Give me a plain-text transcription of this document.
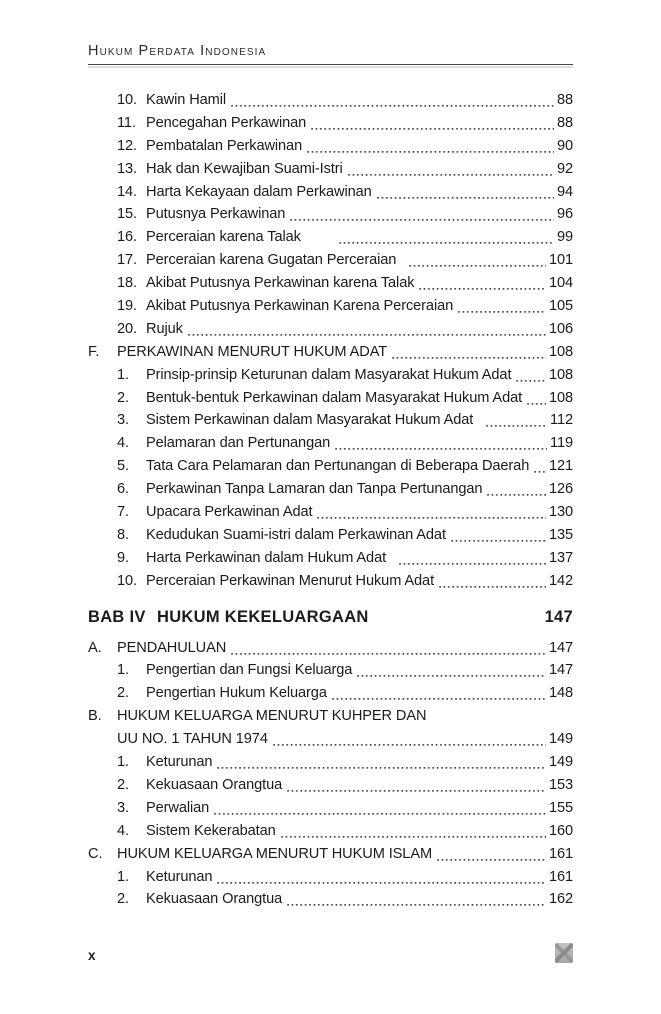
Hukum Perdata Indonesia
10. Kawin Hamil	88
11. Pencegahan Perkawinan	88
12. Pembatalan Perkawinan	90
13. Hak dan Kewajiban Suami-Istri	92
14. Harta Kekayaan dalam Perkawinan	94
15. Putusnya Perkawinan	96
16. Perceraian karena Talak	99
17. Perceraian karena Gugatan Perceraian	101
18. Akibat Putusnya Perkawinan karena Talak	104
19. Akibat Putusnya Perkawinan Karena Perceraian	105
20. Rujuk	106
F.	PERKAWINAN MENURUT HUKUM ADAT	108
1.	Prinsip-prinsip Keturunan dalam Masyarakat Hukum Adat	108
2.	Bentuk-bentuk Perkawinan dalam Masyarakat Hukum Adat 108
3.	Sistem Perkawinan dalam Masyarakat Hukum Adat	112
4.	Pelamaran dan Pertunangan	119
5.	Tata Cara Pelamaran dan Pertunangan di Beberapa Daerah 121
6.	Perkawinan Tanpa Lamaran dan Tanpa Pertunangan	126
7.	Upacara Perkawinan Adat	130
8.	Kedudukan Suami-istri dalam Perkawinan Adat	135
9.	Harta Perkawinan dalam Hukum Adat	137
10. Perceraian Perkawinan Menurut Hukum Adat	142
BAB IV HUKUM KEKELUARGAAN	147
A.	PENDAHULUAN	147
1.	Pengertian dan Fungsi Keluarga	147
2.	Pengertian Hukum Keluarga	148
B.	HUKUM KELUARGA MENURUT KUHPER DAN
UU NO. 1 TAHUN 1974	149
1.	Keturunan	149
2.	Kekuasaan Orangtua	153
3.	Perwalian	155
4.	Sistem Kekerabatan	160
C. HUKUM KELUARGA MENURUT HUKUM ISLAM	161
1.	Keturunan	161
2.	Kekuasaan Orangtua	162
x
